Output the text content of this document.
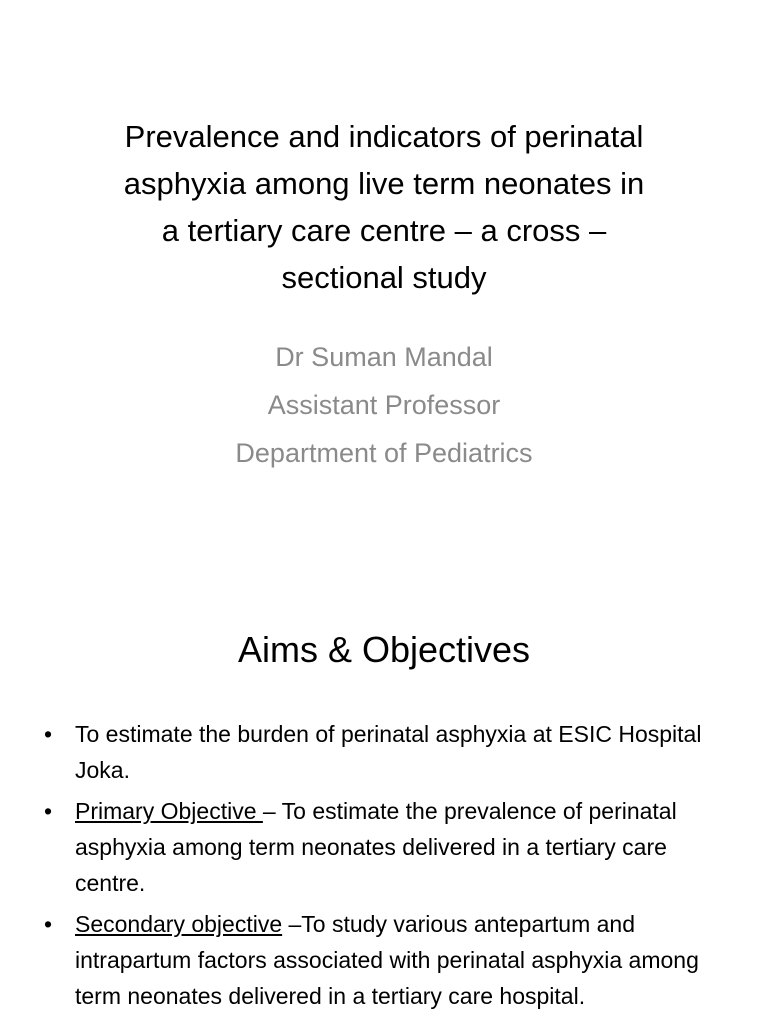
Prevalence and indicators of perinatal
asphyxia among live term neonates in
a tertiary care centre – a cross –
sectional study
Dr Suman Mandal
Assistant Professor
Department of Pediatrics
Aims & Objectives
• To estimate the burden of perinatal asphyxia at ESIC Hospital Joka.
• Primary Objective – To estimate the prevalence of perinatal asphyxia among term neonates delivered in a tertiary care centre.
• Secondary objective –To study various antepartum and intrapartum factors associated with perinatal asphyxia among term neonates delivered in a tertiary care hospital.
